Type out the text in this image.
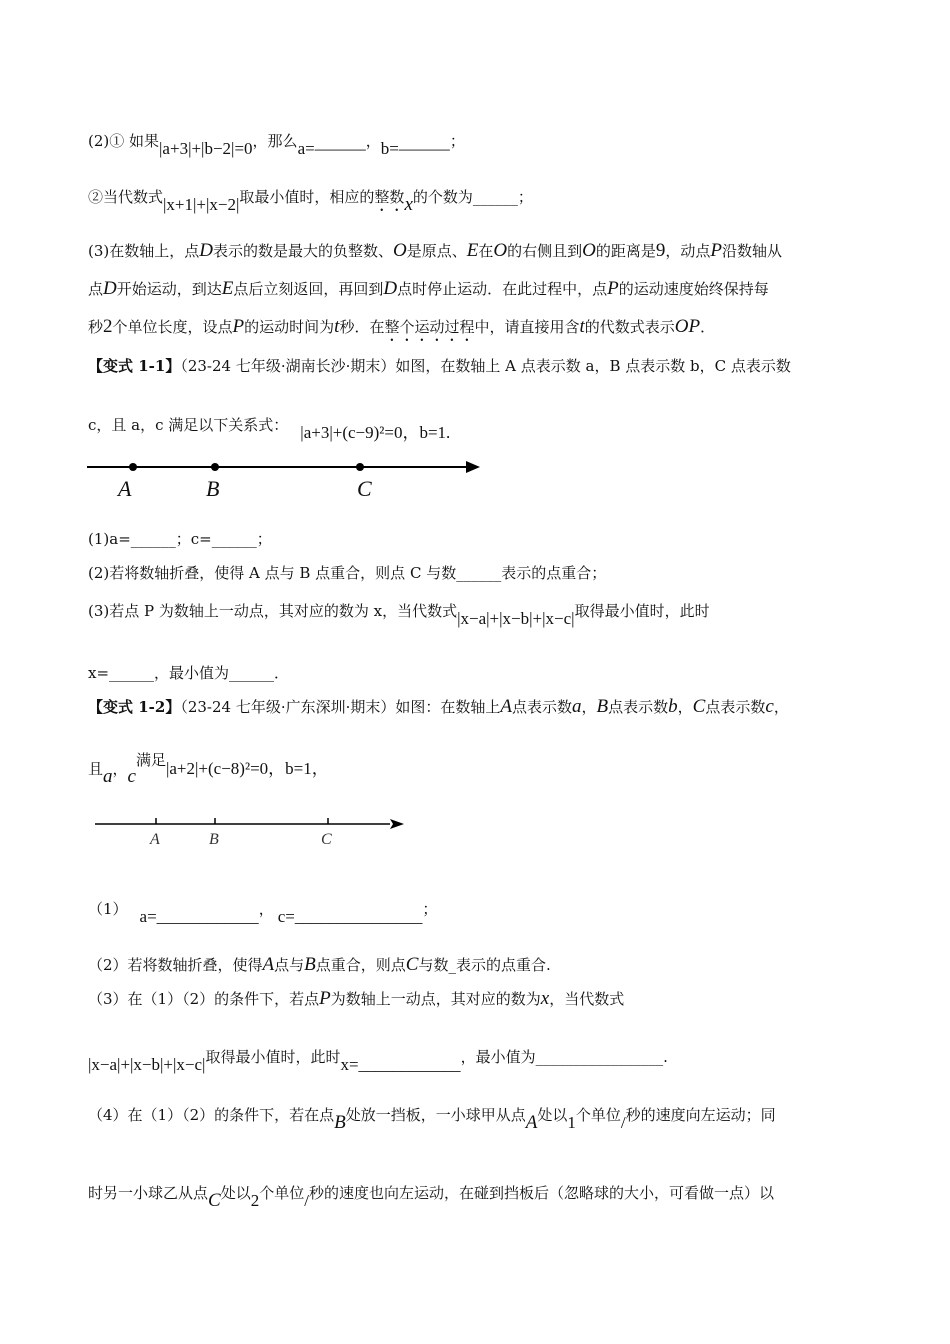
(2)① 如果|a+3|+|b−2|=0，那么a=———，b=———；
②当代数式|x+1|+|x−2|取最小值时，相应的整数x的个数为______；
(3)在数轴上，点D表示的数是最大的负整数、O是原点、E在O的右侧且到O的距离是9，动点P沿数轴从
点D开始运动，到达E点后立刻返回，再回到D点时停止运动．在此过程中，点P的运动速度始终保持每
秒2个单位长度，设点P的运动时间为t秒．在整个运动过程中，请直接用含t的代数式表示OP．
【变式 1-1】（23-24 七年级·湖南长沙·期末）如图，在数轴上 A 点表示数 a，B 点表示数 b，C 点表示数
c，且 a，c 满足以下关系式： |a+3|+(c−9)²=0，b=1.
A	B	C
(1)a=______；c=______；
(2)若将数轴折叠，使得 A 点与 B 点重合，则点 C 与数______表示的点重合；
(3)若点 P 为数轴上一动点，其对应的数为 x，当代数式|x−a|+|x−b|+|x−c|取得最小值时，此时
x=______，最小值为______．
【变式 1-2】（23-24 七年级·广东深圳·期末）如图：在数轴上A点表示数a，B点表示数b，C点表示数c，
且a，c满足|a+2|+(c−8)²=0，b=1，
A	B	C
（1） a=____________， c=_______________；
（2）若将数轴折叠，使得A点与B点重合，则点C与数_表示的点重合.
（3）在（1）（2）的条件下，若点P为数轴上一动点，其对应的数为x，当代数式
|x−a|+|x−b|+|x−c|取得最小值时，此时x=____________，最小值为_________________.
（4）在（1）（2）的条件下，若在点B处放一挡板，一小球甲从点A处以1个单位/秒的速度向左运动；同
时另一小球乙从点C处以2个单位/秒的速度也向左运动，在碰到挡板后（忽略球的大小，可看做一点）以
